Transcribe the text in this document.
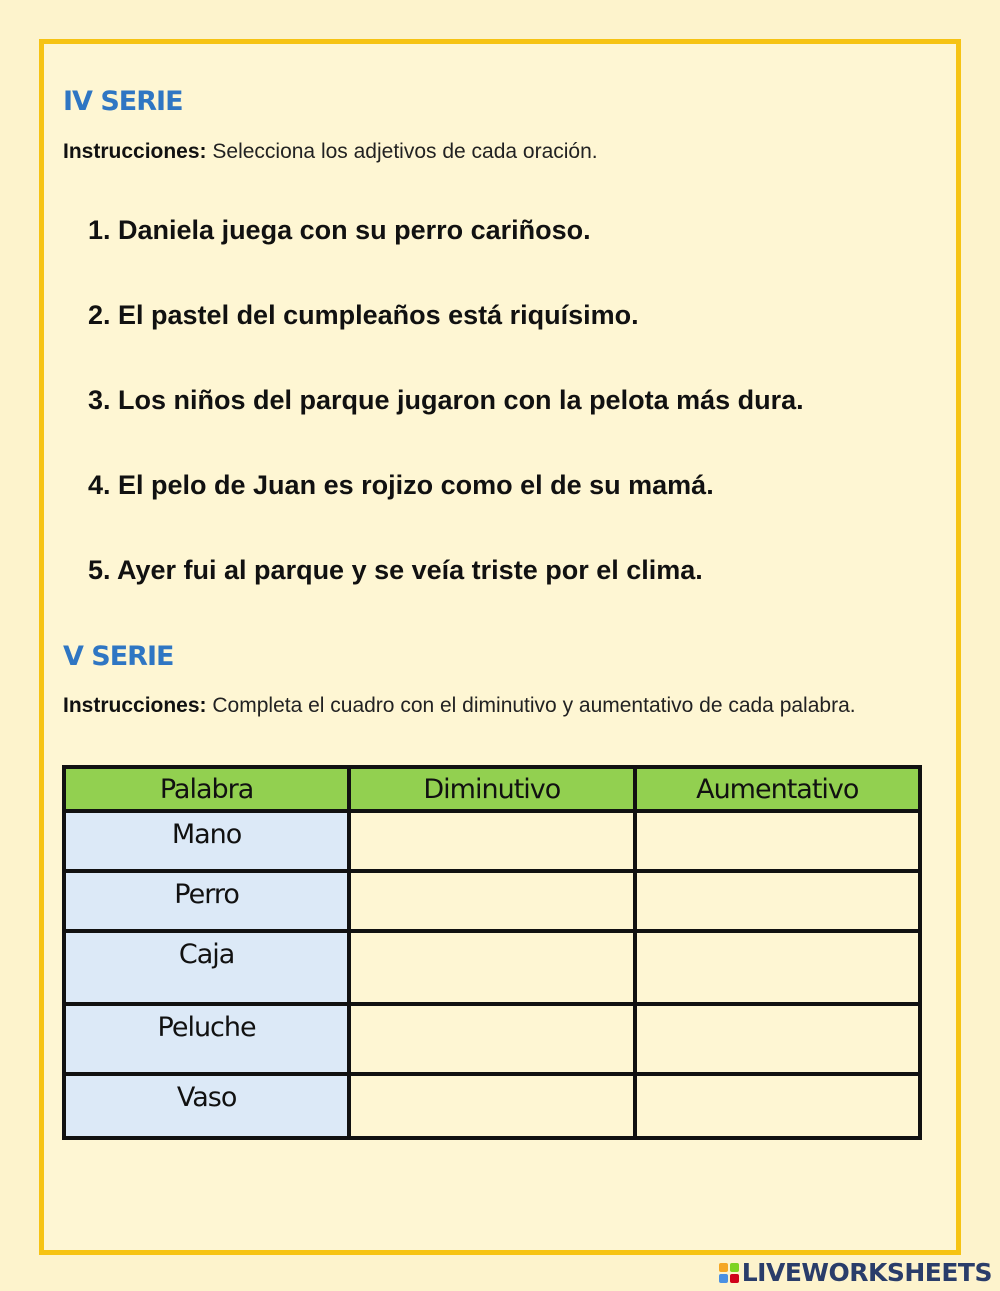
IV SERIE

Instrucciones: Selecciona los adjetivos de cada oración.

1. Daniela juega con su perro cariñoso.
2. El pastel del cumpleaños está riquísimo.
3. Los niños del parque jugaron con la pelota más dura.
4. El pelo de Juan es rojizo como el de su mamá.
5. Ayer fui al parque y se veía triste por el clima.
V SERIE

Instrucciones: Completa el cuadro con el diminutivo y aumentativo de cada palabra.

Palabra	Diminutivo	Aumentativo
Mano		
Perro		
Caja		
Peluche		
Vaso		
LIVEWORKSHEETS
